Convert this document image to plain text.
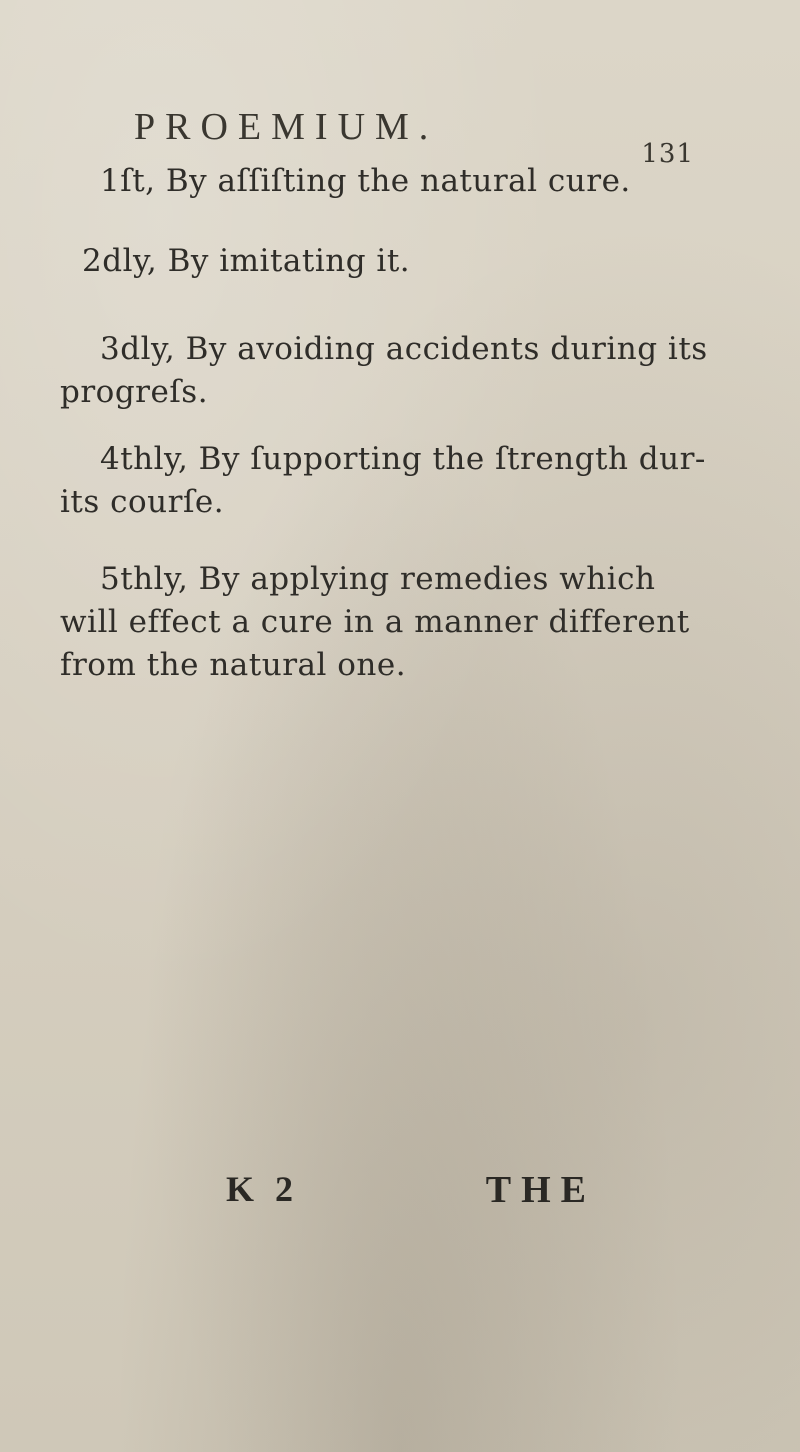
PROEMIUM.
131
1ſt, By aſſiſting the natural cure.
2dly, By imitating it.
3dly, By avoiding accidents during its
progreſs.
4thly, By ſupporting the ſtrength dur-
its courſe.
5thly, By applying remedies which
will effect a cure in a manner different
from the natural one.
K 2	THE
